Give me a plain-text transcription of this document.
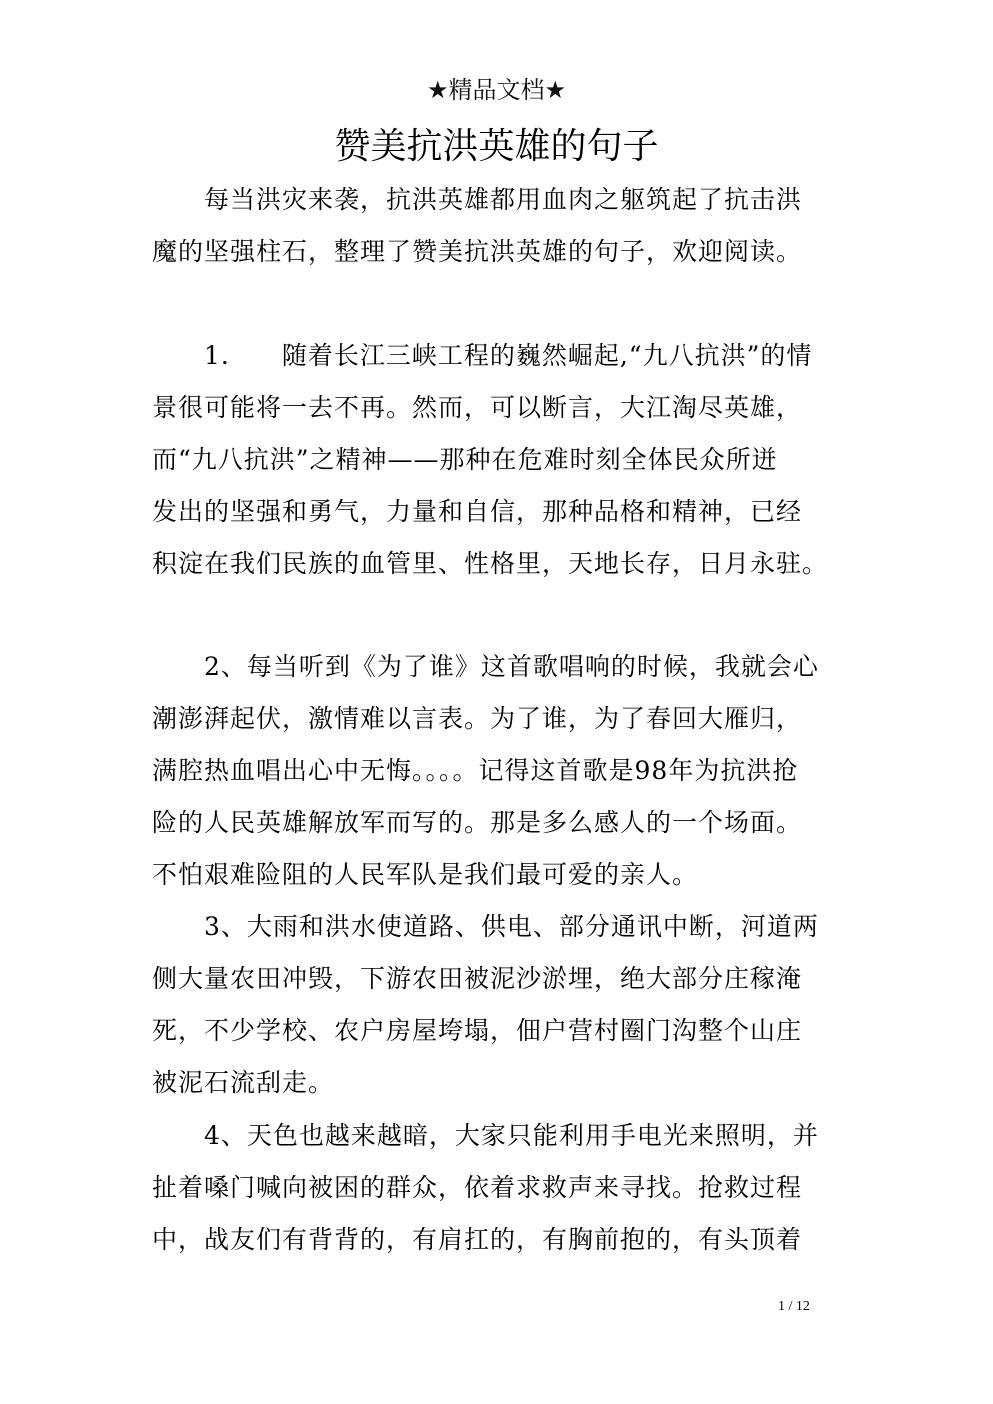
★精品文档★
赞美抗洪英雄的句子
每当洪灾来袭，抗洪英雄都用血肉之躯筑起了抗击洪
魔的坚强柱石，整理了赞美抗洪英雄的句子，欢迎阅读。
1.　　随着长江三峡工程的巍然崛起,“九八抗洪”的情
景很可能将一去不再。然而，可以断言，大江淘尽英雄，
而“九八抗洪”之精神——那种在危难时刻全体民众所迸
发出的坚强和勇气，力量和自信，那种品格和精神，已经
积淀在我们民族的血管里、性格里，天地长存，日月永驻。
2、每当听到《为了谁》这首歌唱响的时候，我就会心
潮澎湃起伏，激情难以言表。为了谁，为了春回大雁归，
满腔热血唱出心中无悔。。。。记得这首歌是98年为抗洪抢
险的人民英雄解放军而写的。那是多么感人的一个场面。
不怕艰难险阻的人民军队是我们最可爱的亲人。
3、大雨和洪水使道路、供电、部分通讯中断，河道两
侧大量农田冲毁，下游农田被泥沙淤埋，绝大部分庄稼淹
死，不少学校、农户房屋垮塌，佃户营村圈门沟整个山庄
被泥石流刮走。
4、天色也越来越暗，大家只能利用手电光来照明，并
扯着嗓门喊向被困的群众，依着求救声来寻找。抢救过程
中，战友们有背背的，有肩扛的，有胸前抱的，有头顶着
1 / 12
